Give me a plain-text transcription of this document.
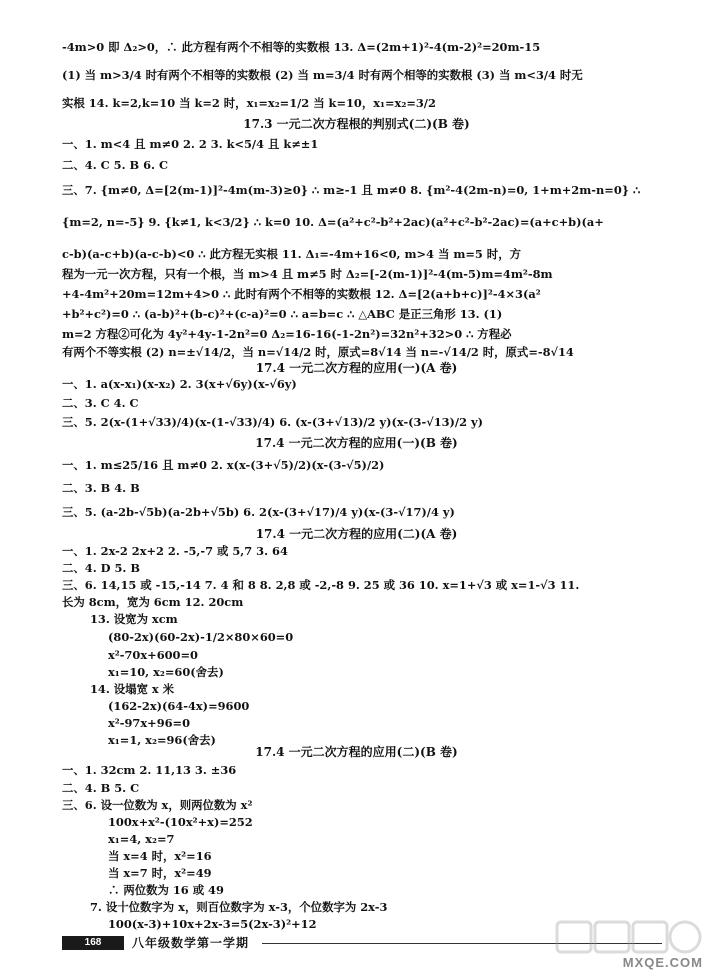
-4m>0 即 Δ₂>0，∴ 此方程有两个不相等的实数根 13. Δ=(2m+1)²-4(m-2)²=20m-15
(1) 当 m>3/4 时有两个不相等的实数根 (2) 当 m=3/4 时有两个相等的实数根 (3) 当 m<3/4 时无
实根 14. k=2,k=10 当 k=2 时，x₁=x₂=1/2 当 k=10，x₁=x₂=3/2
17.3 一元二次方程根的判别式(二)(B 卷)
一、1. m<4 且 m≠0 2. 2 3. k<5/4 且 k≠±1
二、4. C 5. B 6. C
三、7. {m≠0, Δ=[2(m-1)]²-4m(m-3)≥0} ∴ m≥-1 且 m≠0 8. {m²-4(2m-n)=0, 1+m+2m-n=0} ∴
{m=2, n=-5} 9. {k≠1, k<3/2} ∴ k=0 10. Δ=(a²+c²-b²+2ac)(a²+c²-b²-2ac)=(a+c+b)(a+
c-b)(a-c+b)(a-c-b)<0 ∴ 此方程无实根 11. Δ₁=-4m+16<0, m>4 当 m=5 时，方
程为一元一次方程，只有一个根，当 m>4 且 m≠5 时 Δ₂=[-2(m-1)]²-4(m-5)m=4m²-8m
+4-4m²+20m=12m+4>0 ∴ 此时有两个不相等的实数根 12. Δ=[2(a+b+c)]²-4×3(a²
+b²+c²)=0 ∴ (a-b)²+(b-c)²+(c-a)²=0 ∴ a=b=c ∴ △ABC 是正三角形 13. (1)
m=2 方程②可化为 4y²+4y-1-2n²=0 Δ₂=16-16(-1-2n²)=32n²+32>0 ∴ 方程必
有两个不等实根 (2) n=±√14/2，当 n=√14/2 时，原式=8√14 当 n=-√14/2 时，原式=-8√14
17.4 一元二次方程的应用(一)(A 卷)
一、1. a(x-x₁)(x-x₂) 2. 3(x+√6y)(x-√6y)
二、3. C 4. C
三、5. 2(x-(1+√33)/4)(x-(1-√33)/4) 6. (x-(3+√13)/2 y)(x-(3-√13)/2 y)
17.4 一元二次方程的应用(一)(B 卷)
一、1. m≤25/16 且 m≠0 2. x(x-(3+√5)/2)(x-(3-√5)/2)
二、3. B 4. B
三、5. (a-2b-√5b)(a-2b+√5b) 6. 2(x-(3+√17)/4 y)(x-(3-√17)/4 y)
17.4 一元二次方程的应用(二)(A 卷)
一、1. 2x-2 2x+2 2. -5,-7 或 5,7 3. 64
二、4. D 5. B
三、6. 14,15 或 -15,-14 7. 4 和 8 8. 2,8 或 -2,-8 9. 25 或 36 10. x=1+√3 或 x=1-√3 11.
长为 8cm，宽为 6cm 12. 20cm
13. 设宽为 xcm
(80-2x)(60-2x)-1/2×80×60=0
x²-70x+600=0
x₁=10, x₂=60(舍去)
14. 设塌宽 x 米
(162-2x)(64-4x)=9600
x²-97x+96=0
x₁=1, x₂=96(舍去)
17.4 一元二次方程的应用(二)(B 卷)
一、1. 32cm 2. 11,13 3. ±36
二、4. B 5. C
三、6. 设一位数为 x，则两位数为 x²
100x+x²-(10x²+x)=252
x₁=4, x₂=7
当 x=4 时，x²=16
当 x=7 时，x²=49
∴ 两位数为 16 或 49
7. 设十位数字为 x，则百位数字为 x-3，个位数字为 2x-3
100(x-3)+10x+2x-3=5(2x-3)²+12
168	八年级数学第一学期
MXQE.COM
